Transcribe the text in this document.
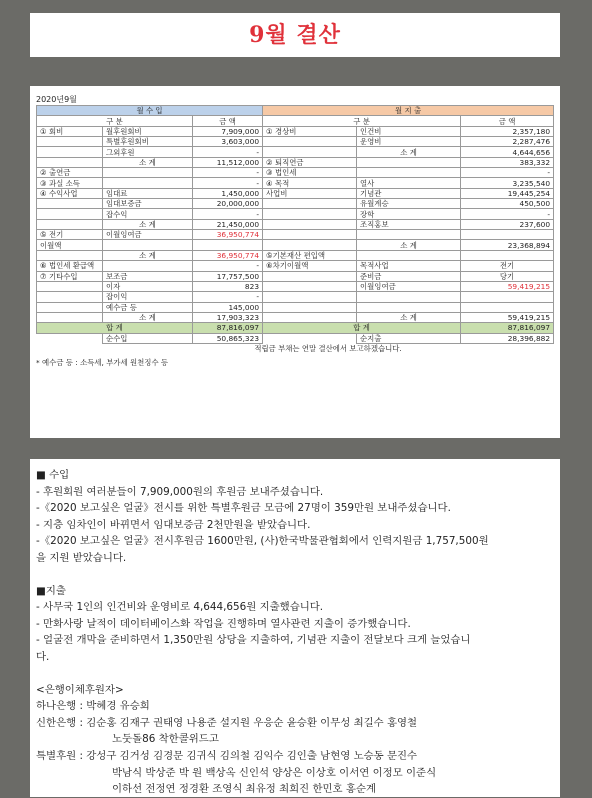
9월 결산
2020년9월
월 수 입			월 지 출		
구 분		금 액	구 분		금 액
① 회비	월후원회비	7,909,000	① 경상비	인건비	2,357,180
	특별후원회비	3,603,000		운영비	2,287,476
	그외후원	-		소 계	4,644,656
	소 계	11,512,000	② 퇴직연금		383,332
② 출연금		-	③ 법인세		-
③ 과실 소득		-	④ 목적	열사	3,235,540
④ 수익사업	임대료	1,450,000	사업비	기념관	19,445,254
	임대보증금	20,000,000		유월계승	450,500
	잡수익	-		장학	-
	소 계	21,450,000		조직홍보	237,600
⑤ 전기	이월잉여금	36,950,774			
이월액				소 계	23,368,894
	소 계	36,950,774	⑤기본재산 편입액		
⑥ 법인세 환급액		-	⑥차기이월액	목적사업	전기
⑦ 기타수입	보조금	17,757,500		준비금	당기
	이자	823		이월잉여금	59,419,215
	잡이익	-			
	예수금 등	145,000			
	소 계	17,903,323		소 계	59,419,215
합 계		87,816,097	합 계		87,816,097
	순수입	50,865,323		순지출	28,396,882
	적립금 부채는 연말 결산에서 보고하겠습니다.				
* 예수금 등 : 소득세, 부가세 원천징수 등

■ 수입

- 후원회원 여러분들이 7,909,000원의 후원금 보내주셨습니다.

-《2020 보고싶은 얼굴》전시를 위한 특별후원금 모금에 27명이 359만원 보내주셨습니다.

- 지층 임차인이 바뀌면서 임대보증금 2천만원을 받았습니다.

-《2020 보고싶은 얼굴》전시후원금 1600만원, (사)한국박물관협회에서 인력지원금 1,757,500원

을 지원 받았습니다.

■지출

- 사무국 1인의 인건비와 운영비로 4,644,656원 지출했습니다.

- 만화사랑 날적이 데이터베이스화 작업을 진행하며 열사관련 지출이 증가했습니다.

- 얼굴전 개막을 준비하면서 1,350만원 상당을 지출하여, 기념관 지출이 전달보다 크게 늘었습니

다.

<은행이체후원자>

하나은행 : 박혜경 유승희

신한은행 : 김순홍 김재구 권태영 나용준 설지원 우응순 윤승환 이무성 최길수 홍영철

노둣돌86 착한콜위드고

특별후원 : 강성구 김거성 김경문 김귀식 김의철 김익수 김인출 남현영 노승동 문진수

박남식 박상준 박 원 백상옥 신인석 양상은 이상호 이서연 이정모 이준식

이하선 전정연 정경환 조영식 최유정 최희진 한민호 홍순계
